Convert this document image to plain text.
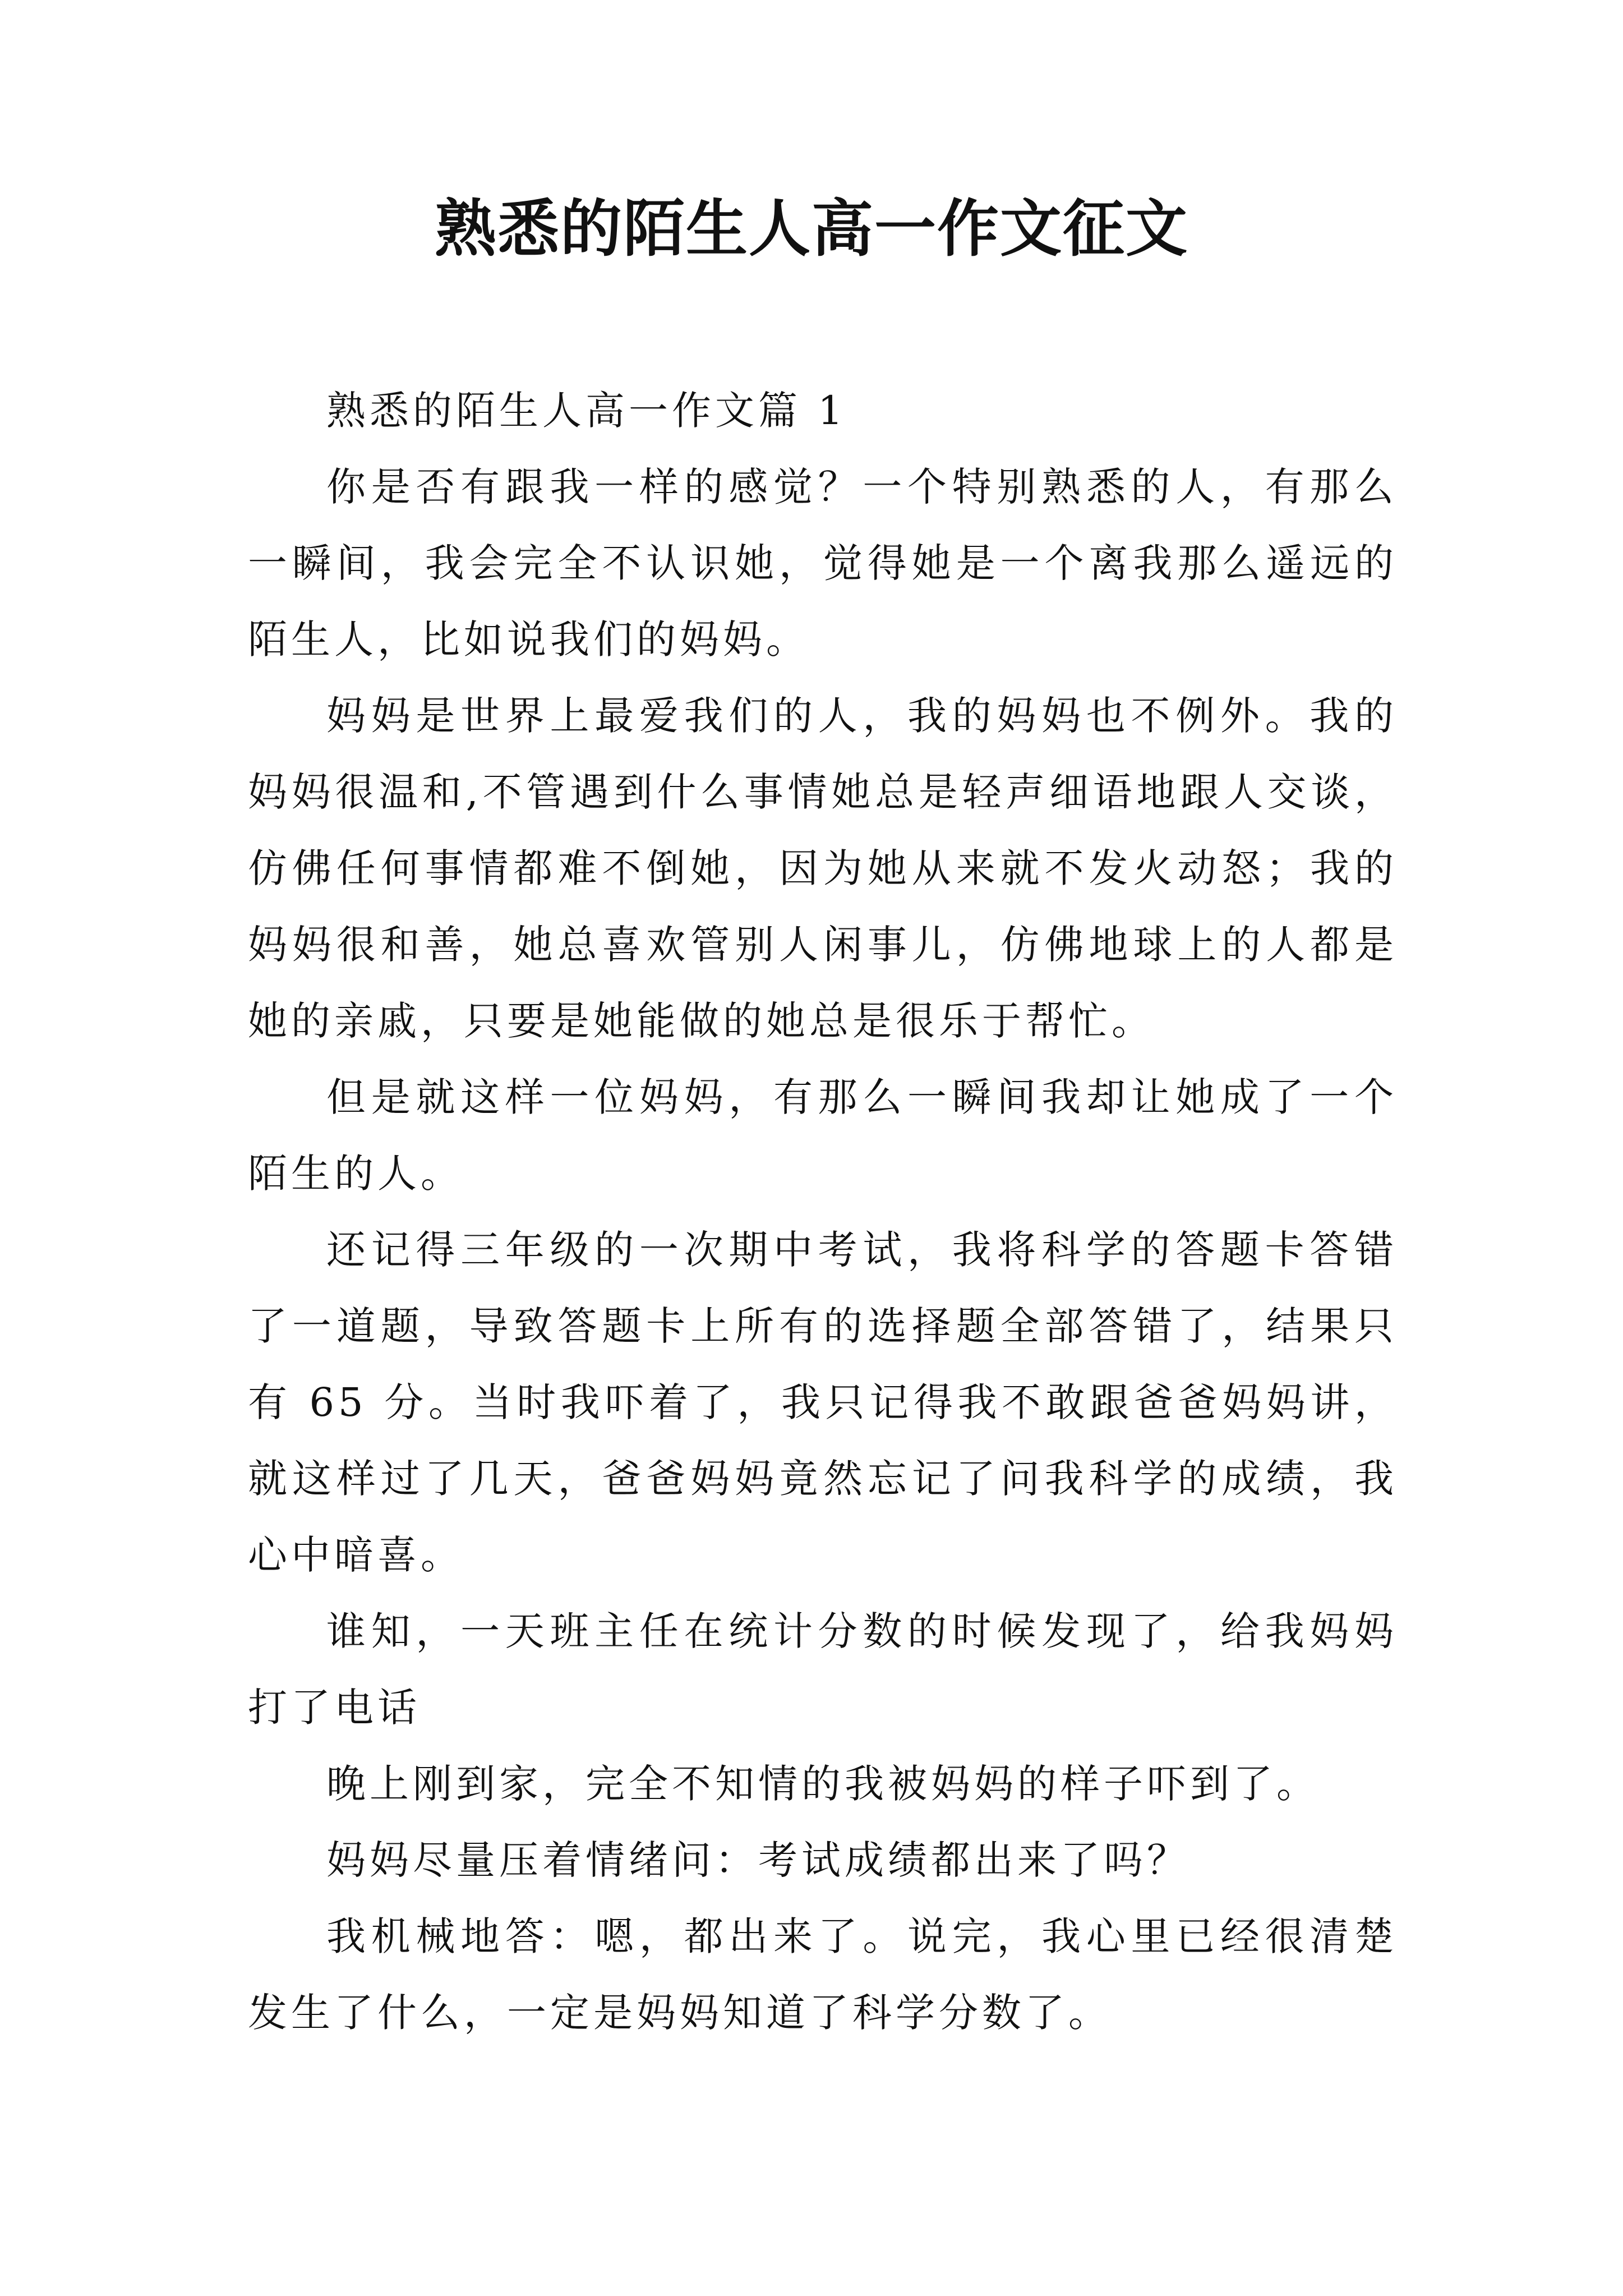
熟悉的陌生人高一作文征文

熟悉的陌生人高一作文篇 1

你是否有跟我一样的感觉？一个特别熟悉的人，有那么一瞬间，我会完全不认识她，觉得她是一个离我那么遥远的陌生人，比如说我们的妈妈。

妈妈是世界上最爱我们的人，我的妈妈也不例外。我的妈妈很温和,不管遇到什么事情她总是轻声细语地跟人交谈，仿佛任何事情都难不倒她，因为她从来就不发火动怒；我的妈妈很和善，她总喜欢管别人闲事儿，仿佛地球上的人都是她的亲戚，只要是她能做的她总是很乐于帮忙。

但是就这样一位妈妈，有那么一瞬间我却让她成了一个陌生的人。

还记得三年级的一次期中考试，我将科学的答题卡答错了一道题，导致答题卡上所有的选择题全部答错了，结果只有 65 分。当时我吓着了，我只记得我不敢跟爸爸妈妈讲，就这样过了几天，爸爸妈妈竟然忘记了问我科学的成绩，我心中暗喜。

谁知，一天班主任在统计分数的时候发现了，给我妈妈打了电话

晚上刚到家，完全不知情的我被妈妈的样子吓到了。

妈妈尽量压着情绪问：考试成绩都出来了吗？

我机械地答：嗯，都出来了。说完，我心里已经很清楚发生了什么，一定是妈妈知道了科学分数了。
